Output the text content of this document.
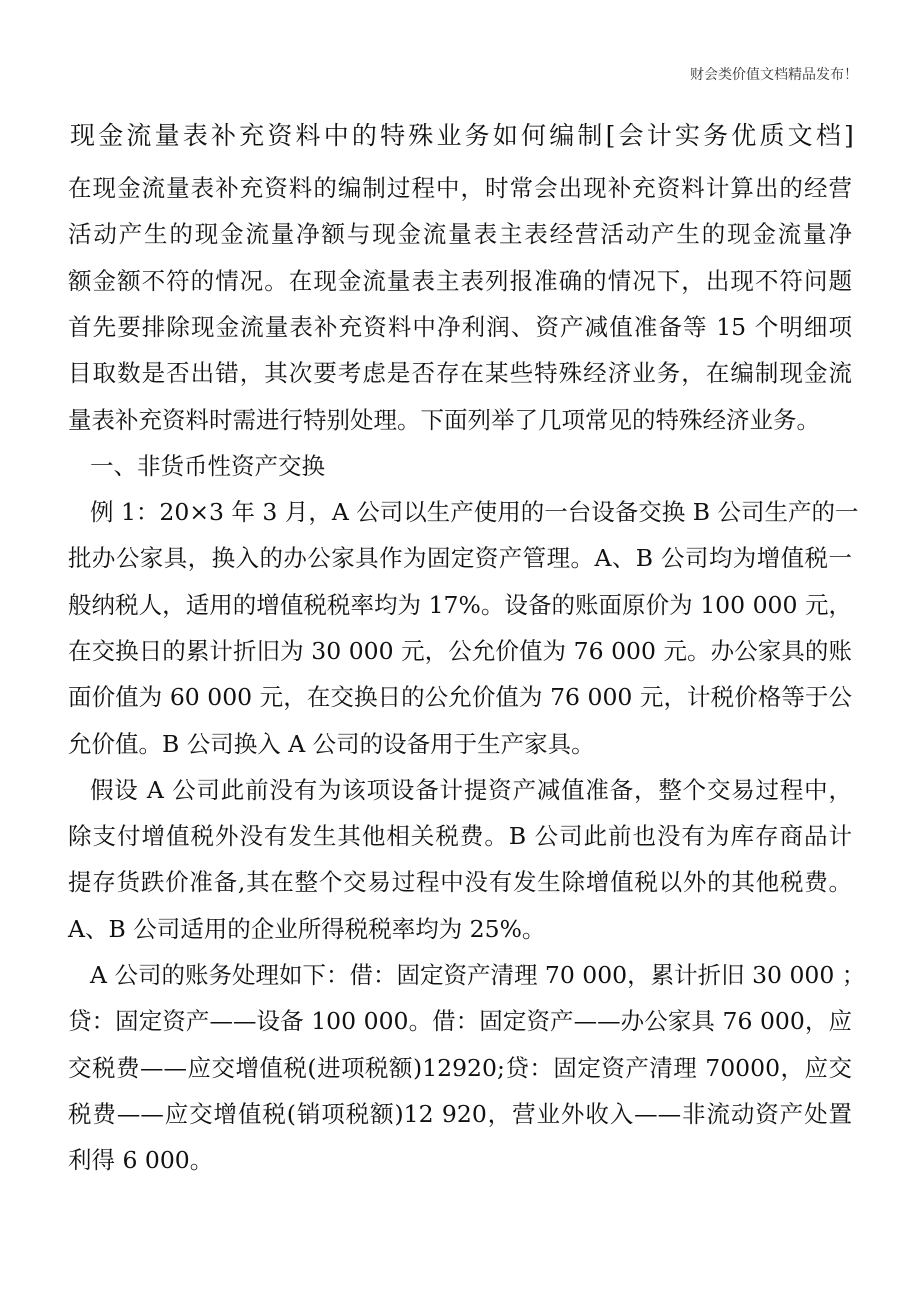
财会类价值文档精品发布！
现金流量表补充资料中的特殊业务如何编制[会计实务优质文档]
在现金流量表补充资料的编制过程中，时常会出现补充资料计算出的经营
活动产生的现金流量净额与现金流量表主表经营活动产生的现金流量净
额金额不符的情况。在现金流量表主表列报准确的情况下，出现不符问题
首先要排除现金流量表补充资料中净利润、资产减值准备等 15 个明细项
目取数是否出错，其次要考虑是否存在某些特殊经济业务，在编制现金流
量表补充资料时需进行特别处理。下面列举了几项常见的特殊经济业务。
一、非货币性资产交换
例 1：20×3 年 3 月，A 公司以生产使用的一台设备交换 B 公司生产的一
批办公家具，换入的办公家具作为固定资产管理。A、B 公司均为增值税一
般纳税人，适用的增值税税率均为 17%。设备的账面原价为 100 000 元，
在交换日的累计折旧为 30 000 元，公允价值为 76 000 元。办公家具的账
面价值为 60 000 元，在交换日的公允价值为 76 000 元，计税价格等于公
允价值。B 公司换入 A 公司的设备用于生产家具。
假设 A 公司此前没有为该项设备计提资产减值准备，整个交易过程中，
除支付增值税外没有发生其他相关税费。B 公司此前也没有为库存商品计
提存货跌价准备,其在整个交易过程中没有发生除增值税以外的其他税费。
A、B 公司适用的企业所得税税率均为 25%。
A 公司的账务处理如下：借：固定资产清理 70 000，累计折旧 30 000 ；
贷：固定资产——设备 100 000。借：固定资产——办公家具 76 000，应
交税费——应交增值税(进项税额)12920;贷：固定资产清理 70000，应交
税费——应交增值税(销项税额)12 920，营业外收入——非流动资产处置
利得 6 000。
